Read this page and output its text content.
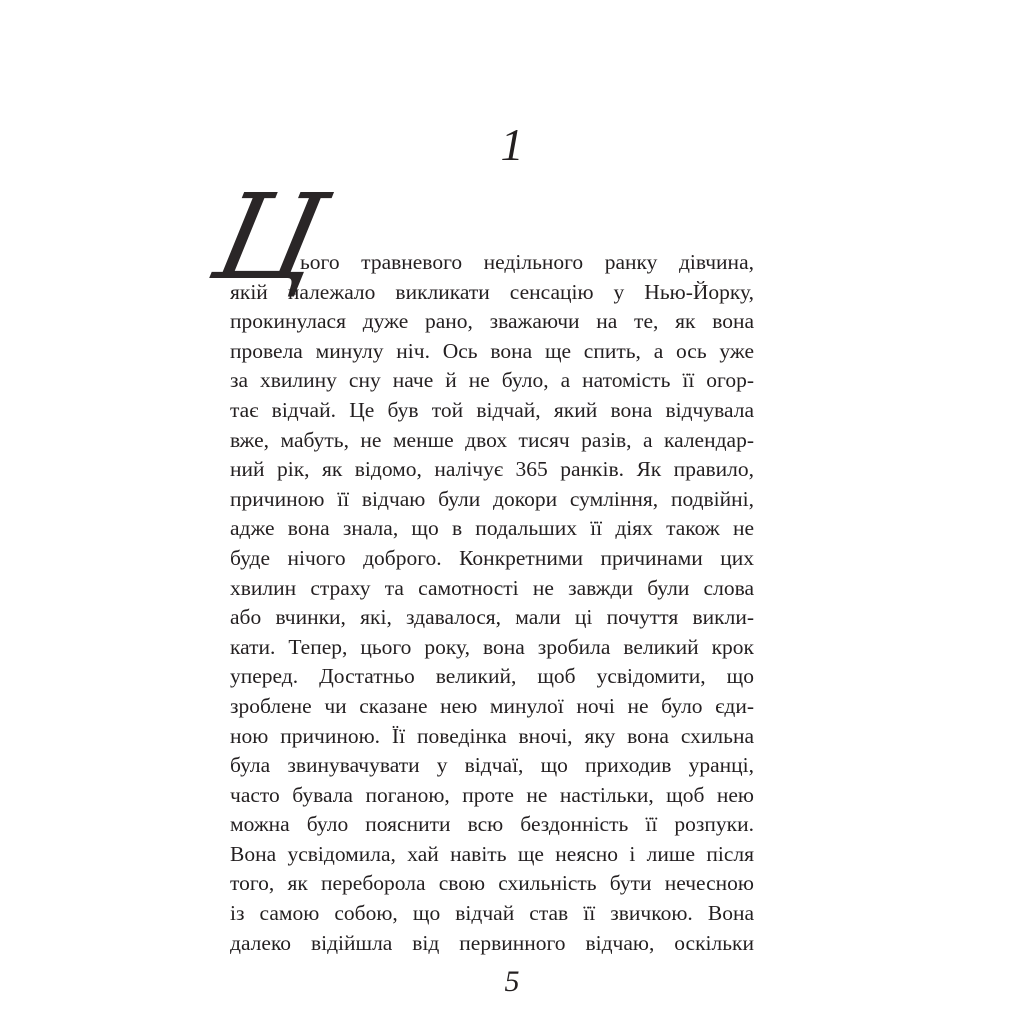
1
Ц
ього травневого недільного ранку дівчина,
якій належало викликати сенсацію у Нью-Йорку,
прокинулася дуже рано, зважаючи на те, як вона
провела минулу ніч. Ось вона ще спить, а ось уже
за хвилину сну наче й не було, а натомість її огор-
тає відчай. Це був той відчай, який вона відчувала
вже, мабуть, не менше двох тисяч разів, а календар-
ний рік, як відомо, налічує 365 ранків. Як правило,
причиною її відчаю були докори сумління, подвійні,
адже вона знала, що в подальших її діях також не
буде нічого доброго. Конкретними причинами цих
хвилин страху та самотності не завжди були слова
або вчинки, які, здавалося, мали ці почуття викли-
кати. Тепер, цього року, вона зробила великий крок
уперед. Достатньо великий, щоб усвідомити, що
зроблене чи сказане нею минулої ночі не було єди-
ною причиною. Її поведінка вночі, яку вона схильна
була звинувачувати у відчаї, що приходив уранці,
часто бувала поганою, проте не настільки, щоб нею
можна було пояснити всю бездонність її розпуки.
Вона усвідомила, хай навіть ще неясно і лише після
того, як переборола свою схильність бути нечесною
із самою собою, що відчай став її звичкою. Вона
далеко відійшла від первинного відчаю, оскільки
5
